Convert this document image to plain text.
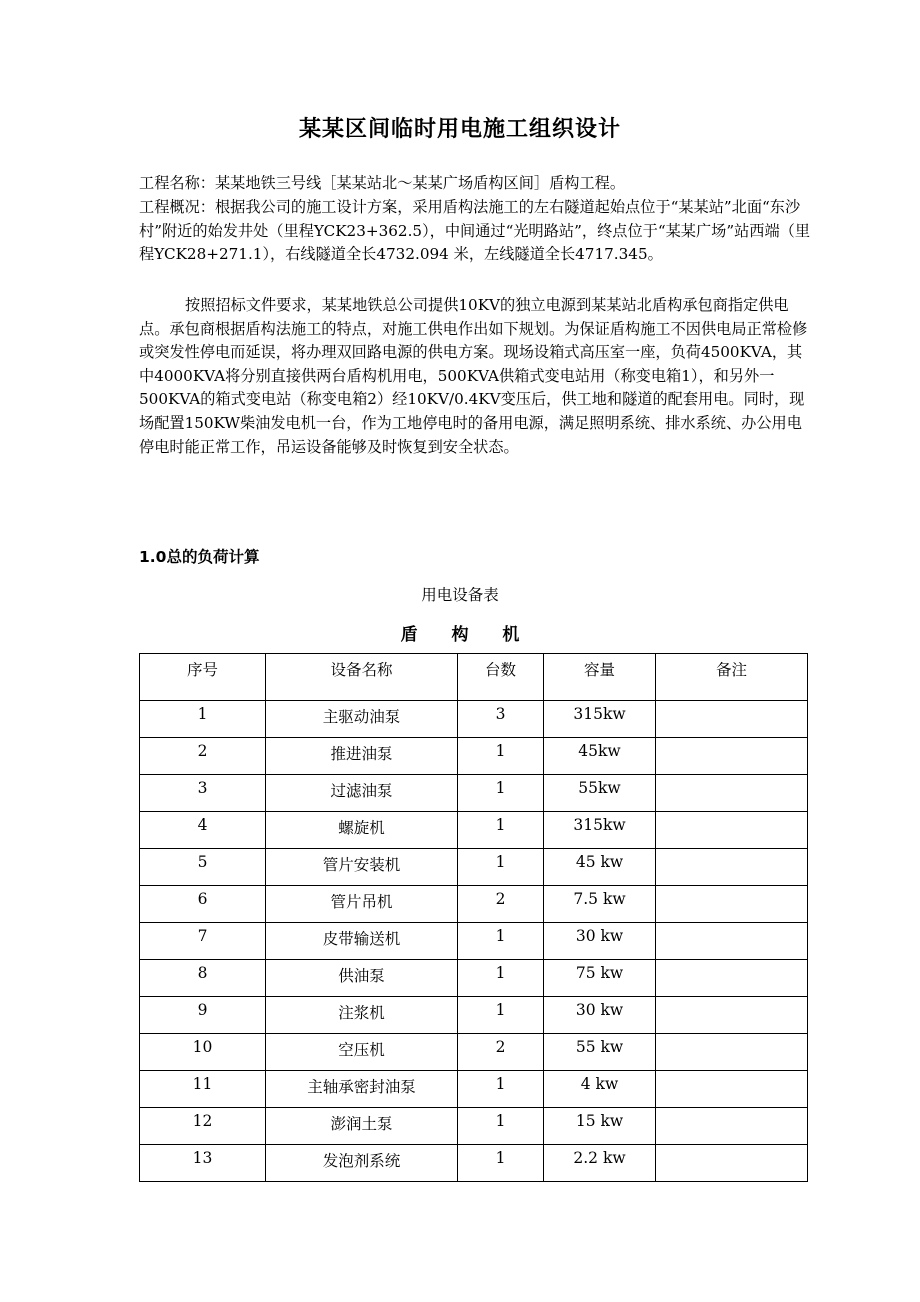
某某区间临时用电施工组织设计

工程名称：某某地铁三号线［某某站北～某某广场盾构区间］盾构工程。

工程概况：根据我公司的施工设计方案，采用盾构法施工的左右隧道起始点位于“某某站”北面“东沙村”附近的始发井处（里程YCK23+362.5），中间通过“光明路站”，终点位于“某某广场”站西端（里程YCK28+271.1），右线隧道全长4732.094 米，左线隧道全长4717.345。

按照招标文件要求，某某地铁总公司提供10KV的独立电源到某某站北盾构承包商指定供电点。承包商根据盾构法施工的特点，对施工供电作出如下规划。为保证盾构施工不因供电局正常检修或突发性停电而延误，将办理双回路电源的供电方案。现场设箱式高压室一座，负荷4500KVA，其中4000KVA将分别直接供两台盾构机用电，500KVA供箱式变电站用（称变电箱1），和另外一500KVA的箱式变电站（称变电箱2）经10KV/0.4KV变压后，供工地和隧道的配套用电。同时，现场配置150KW柴油发电机一台，作为工地停电时的备用电源，满足照明系统、排水系统、办公用电停电时能正常工作，吊运设备能够及时恢复到安全状态。

1.0总的负荷计算
用电设备表
盾 构 机
序号	设备名称	台数	容量	备注
1	主驱动油泵	3	315kw	
2	推进油泵	1	45kw	
3	过滤油泵	1	55kw	
4	螺旋机	1	315kw	
5	管片安装机	1	45 kw	
6	管片吊机	2	7.5 kw	
7	皮带输送机	1	30 kw	
8	供油泵	1	75 kw	
9	注浆机	1	30 kw	
10	空压机	2	55 kw	
11	主轴承密封油泵	1	4 kw	
12	澎润土泵	1	15 kw	
13	发泡剂系统	1	2.2 kw	
